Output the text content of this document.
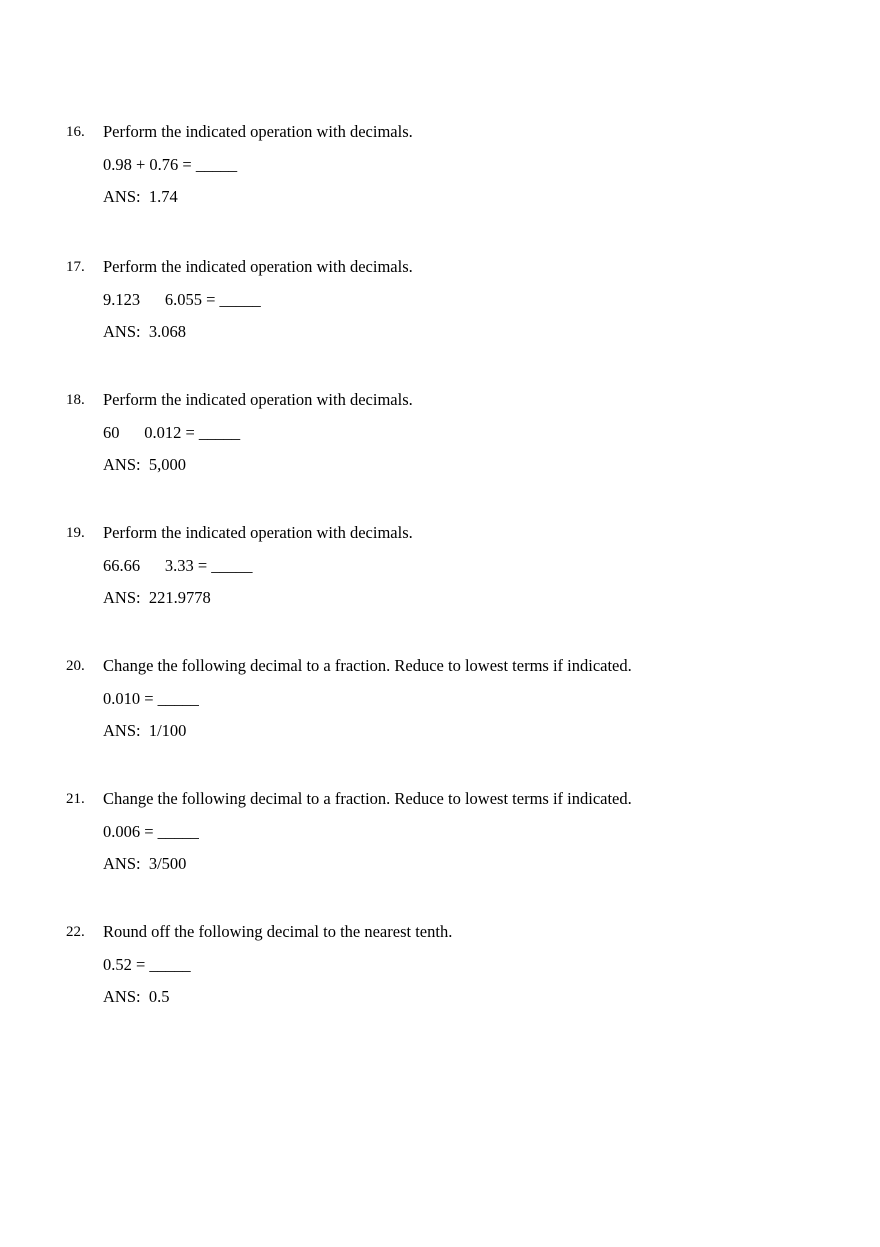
16.	Perform the indicated operation with decimals.
0.98 + 0.76 = _____
ANS:  1.74
17.	Perform the indicated operation with decimals.
9.123      6.055 = _____
ANS:  3.068
18.	Perform the indicated operation with decimals.
60      0.012 = _____
ANS:  5,000
19.	Perform the indicated operation with decimals.
66.66      3.33 = _____
ANS:  221.9778
20.	Change the following decimal to a fraction. Reduce to lowest terms if indicated.
0.010 = _____
ANS:  1/100
21.	Change the following decimal to a fraction. Reduce to lowest terms if indicated.
0.006 = _____
ANS:  3/500
22.	Round off the following decimal to the nearest tenth.
0.52 = _____
ANS:  0.5
